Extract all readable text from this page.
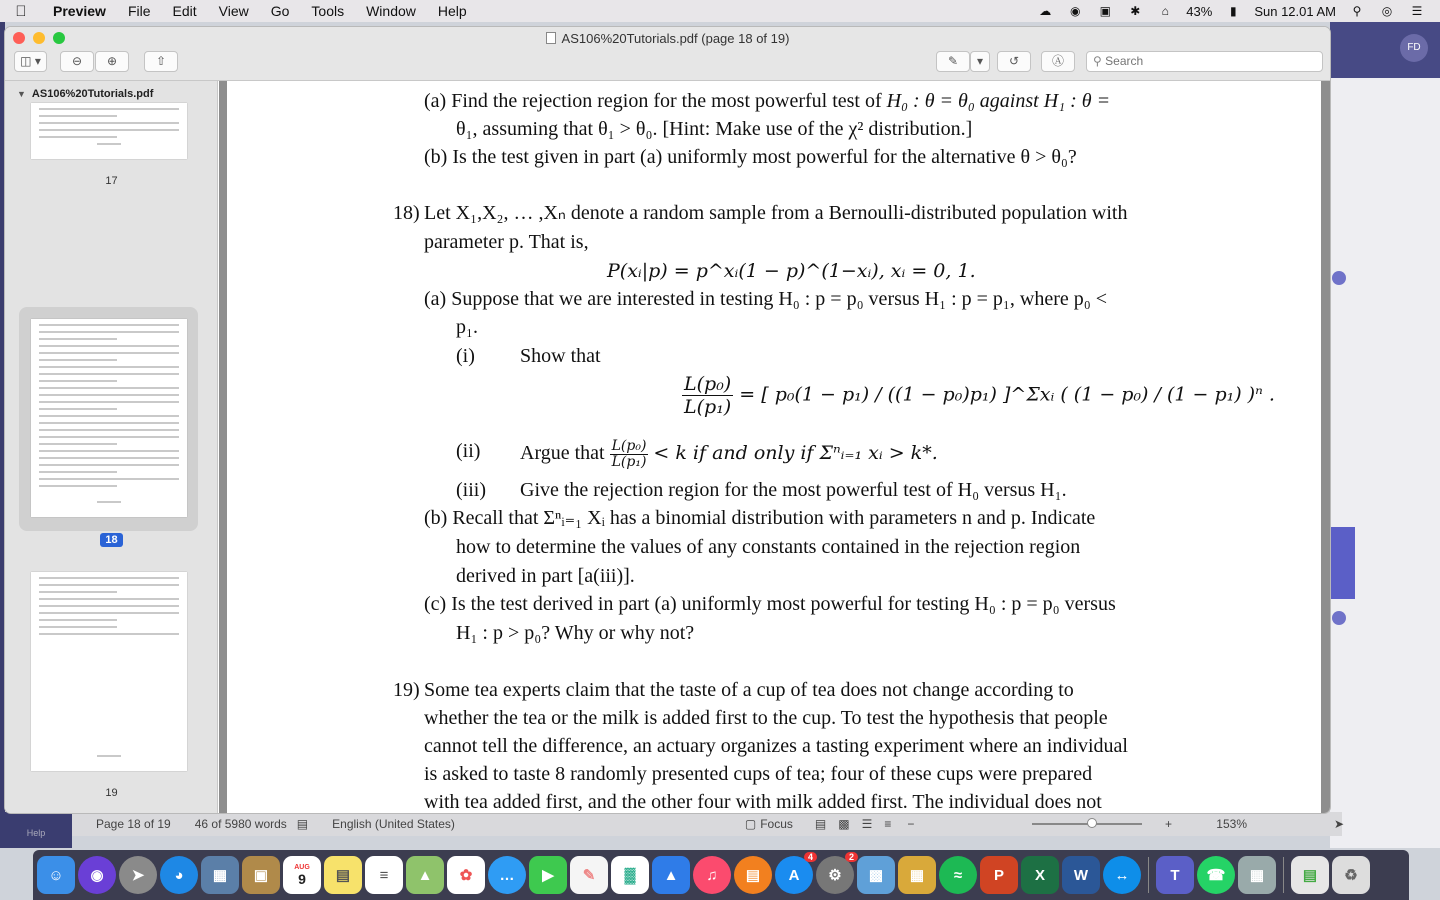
Preview	File	Edit	View	Go	Tools	Window	Help	☁	◉	▣	✱	⌂	43%	▮	Sun 12.01 AM	⚲	◎	☰
FD
Help
Page 18 of 19 46 of 5980 words ▤ English (United States)	▢ Focus ▤ ▩ ☰ ≡ −	+	153%	➤
AS106%20Tutorials.pdf (page 18 of 19)
◫ ▾	⊖	⊕	⇧	✎	▾	↺	Ⓐ	⚲ Search
▼ AS106%20Tutorials.pdf
17
18
19
(a) Find the rejection region for the most powerful test of H₀ : θ = θ₀ against H₁ : θ =
θ₁, assuming that θ₁ > θ₀. [Hint: Make use of the χ² distribution.]
(b) Is the test given in part (a) uniformly most powerful for the alternative θ > θ₀?
18) Let X₁,X₂, … ,Xₙ denote a random sample from a Bernoulli-distributed population with
parameter p. That is,
P(xᵢ|p) = p^xᵢ(1 − p)^(1−xᵢ), xᵢ = 0, 1.
(a) Suppose that we are interested in testing H₀ : p = p₀ versus H₁ : p = p₁, where p₀ <
p₁.
(i) Show that
$\frac{\text{L(p₀)}}{\text{L(p₁)}}$ = [ p₀(1 − p₁) / ((1 − p₀)p₁) ]^Σxᵢ ( (1 − p₀) / (1 − p₁) )ⁿ .
(ii) Argue that $\frac{\text{L(p₀)}}{\text{L(p₁)}} < k$ if and only if Σⁿᵢ₌₁ xᵢ > k*.
(iii) Give the rejection region for the most powerful test of H₀ versus H₁.
(b) Recall that Σⁿᵢ₌₁ Xᵢ has a binomial distribution with parameters n and p. Indicate
how to determine the values of any constants contained in the rejection region
derived in part [a(iii)].
(c) Is the test derived in part (a) uniformly most powerful for testing H₀ : p = p₀ versus
H₁ : p > p₀? Why or why not?
19) Some tea experts claim that the taste of a cup of tea does not change according to
whether the tea or the milk is added first to the cup. To test the hypothesis that people
cannot tell the difference, an actuary organizes a tasting experiment where an individual
is asked to taste 8 randomly presented cups of tea; four of these cups were prepared
with tea added first, and the other four with milk added first. The individual does not
☺	◉	➤	◕	▦	▣	AUG
9	▤	≡	▲	✿	…	▶	✎	▓	▲	♫	▤	A
4
⚙
2
▩	▦	≈	P	X	W	↔	T	☎	▦	▤	♻
